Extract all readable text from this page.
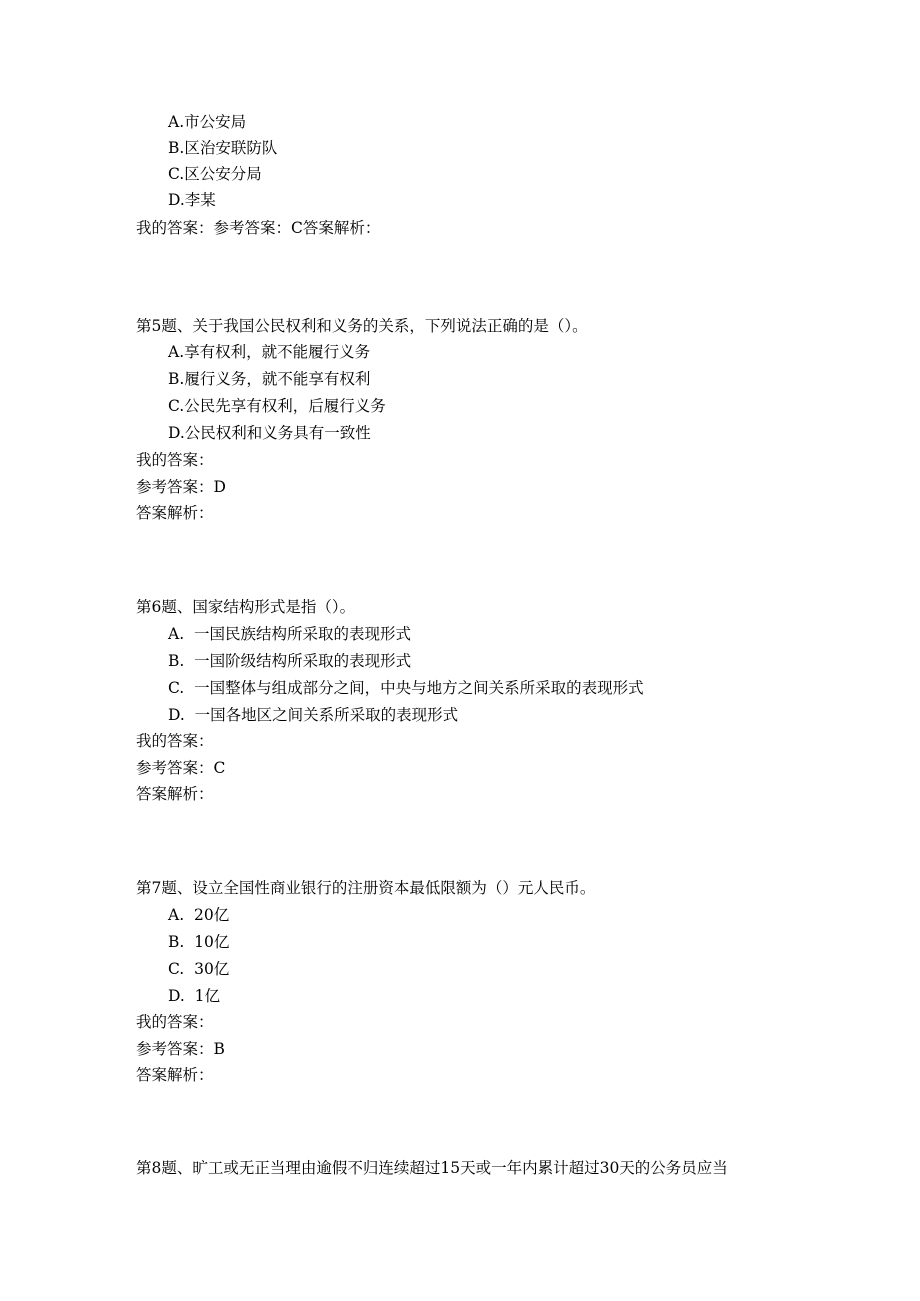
A.市公安局
B.区治安联防队
C.区公安分局
D.李某
我的答案：参考答案：C答案解析：
第5题、关于我国公民权利和义务的关系，下列说法正确的是（）。
A.享有权利，就不能履行义务
B.履行义务，就不能享有权利
C.公民先享有权利，后履行义务
D.公民权利和义务具有一致性
我的答案：
参考答案：D
答案解析：
第6题、国家结构形式是指（）。
A.  一国民族结构所采取的表现形式
B.  一国阶级结构所采取的表现形式
C.  一国整体与组成部分之间，中央与地方之间关系所采取的表现形式
D.  一国各地区之间关系所采取的表现形式
我的答案：
参考答案：C
答案解析：
第7题、设立全国性商业银行的注册资本最低限额为（）元人民币。
A.  20亿
B.  10亿
C.  30亿
D.  1亿
我的答案：
参考答案：B
答案解析：
第8题、旷工或无正当理由逾假不归连续超过15天或一年内累计超过30天的公务员应当
